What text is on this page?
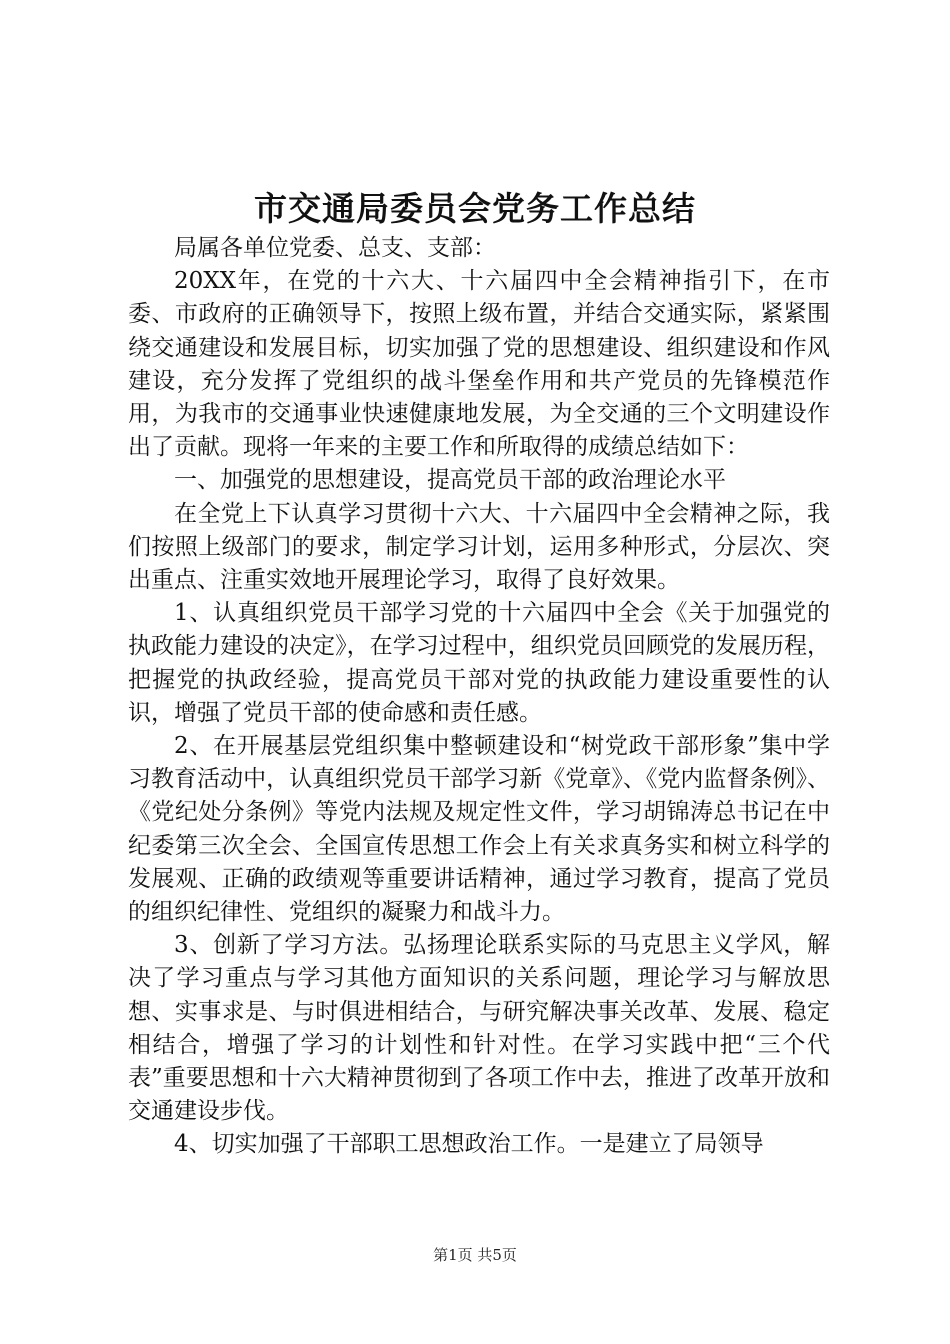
市交通局委员会党务工作总结

局属各单位党委、总支、支部：

20XX年，在党的十六大、十六届四中全会精神指引下，在市委、市政府的正确领导下，按照上级布置，并结合交通实际，紧紧围绕交通建设和发展目标，切实加强了党的思想建设、组织建设和作风建设，充分发挥了党组织的战斗堡垒作用和共产党员的先锋模范作用，为我市的交通事业快速健康地发展，为全交通的三个文明建设作出了贡献。现将一年来的主要工作和所取得的成绩总结如下：

一、加强党的思想建设，提高党员干部的政治理论水平

在全党上下认真学习贯彻十六大、十六届四中全会精神之际，我们按照上级部门的要求，制定学习计划，运用多种形式，分层次、突出重点、注重实效地开展理论学习，取得了良好效果。

1、认真组织党员干部学习党的十六届四中全会《关于加强党的执政能力建设的决定》，在学习过程中，组织党员回顾党的发展历程，把握党的执政经验，提高党员干部对党的执政能力建设重要性的认识，增强了党员干部的使命感和责任感。

2、在开展基层党组织集中整顿建设和“树党政干部形象”集中学习教育活动中，认真组织党员干部学习新《党章》、《党内监督条例》、《党纪处分条例》等党内法规及规定性文件，学习胡锦涛总书记在中纪委第三次全会、全国宣传思想工作会上有关求真务实和树立科学的发展观、正确的政绩观等重要讲话精神，通过学习教育，提高了党员的组织纪律性、党组织的凝聚力和战斗力。

3、创新了学习方法。弘扬理论联系实际的马克思主义学风，解决了学习重点与学习其他方面知识的关系问题，理论学习与解放思想、实事求是、与时俱进相结合，与研究解决事关改革、发展、稳定相结合，增强了学习的计划性和针对性。在学习实践中把“三个代表”重要思想和十六大精神贯彻到了各项工作中去，推进了改革开放和交通建设步伐。

4、切实加强了干部职工思想政治工作。一是建立了局领导

第1页 共5页
